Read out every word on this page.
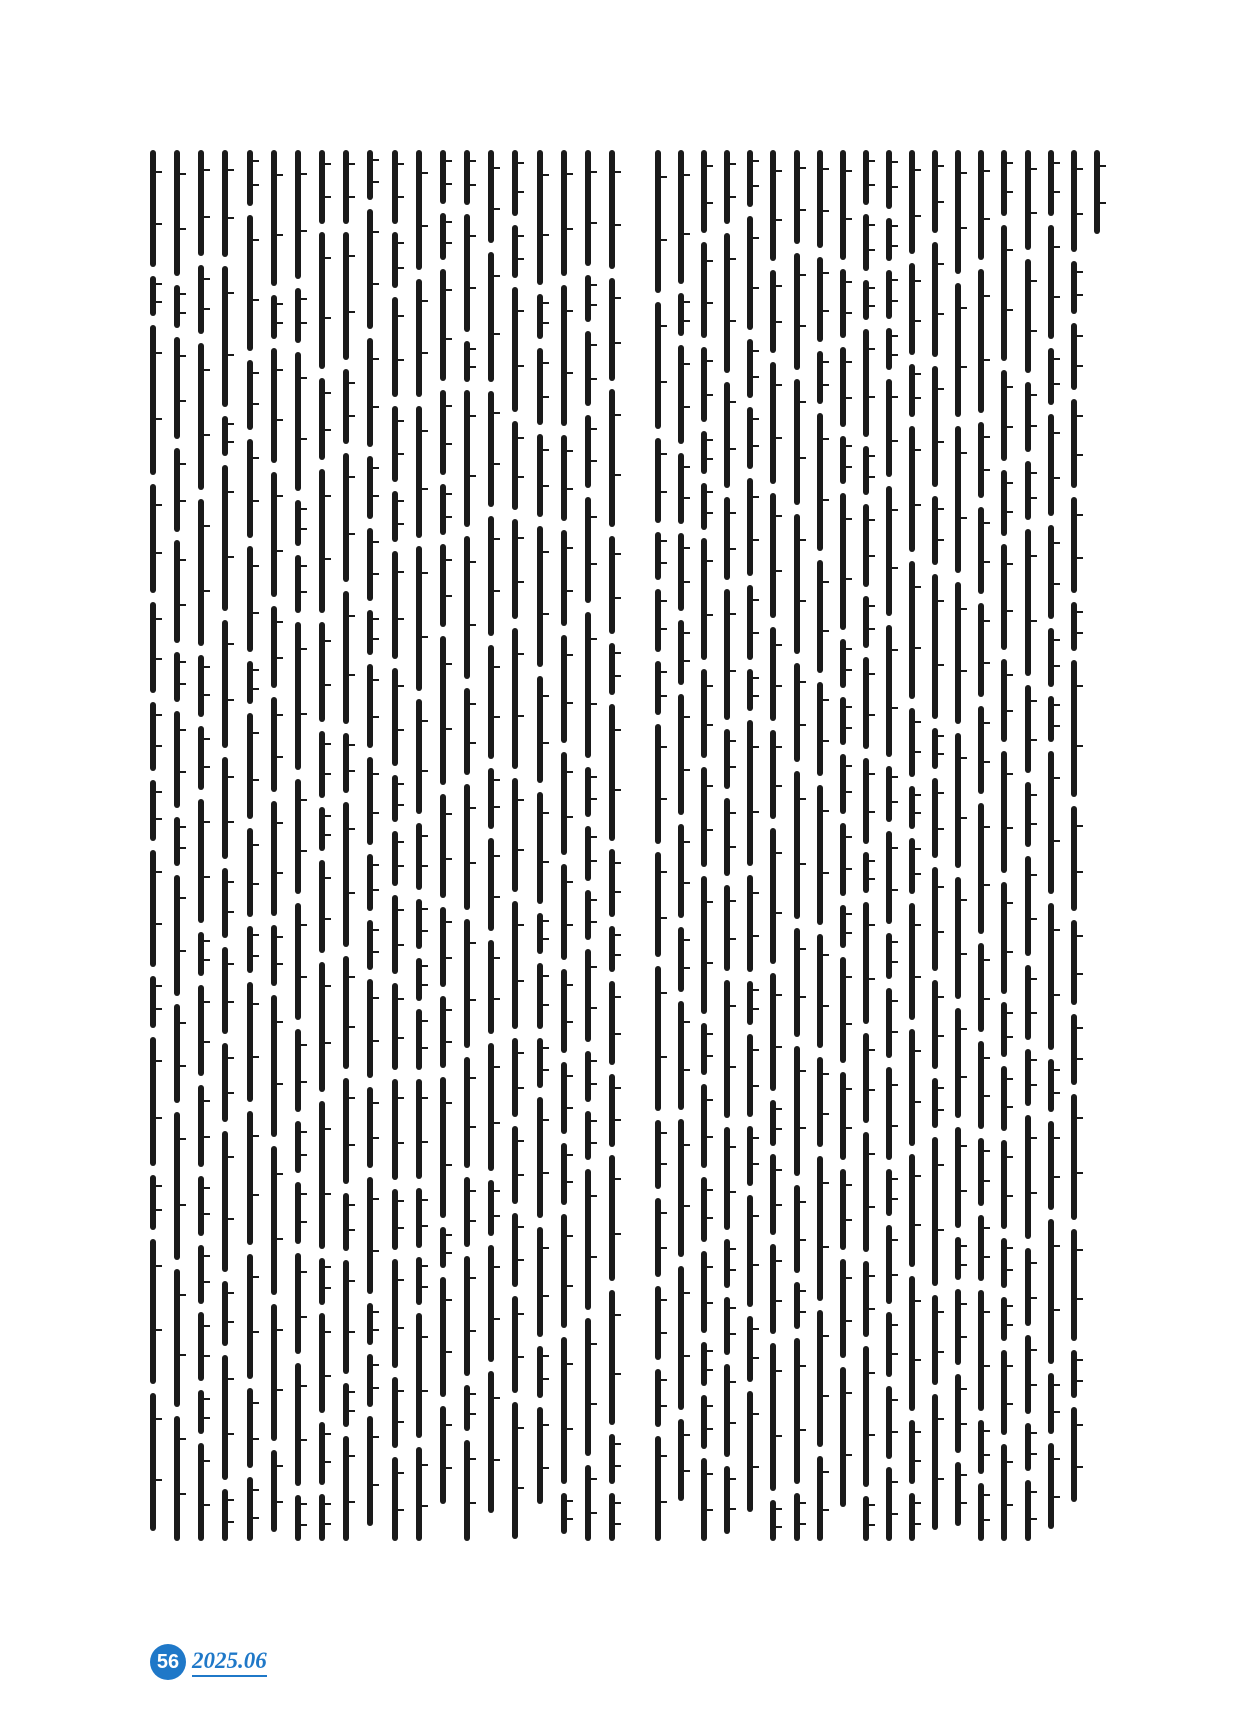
56 2025.06
